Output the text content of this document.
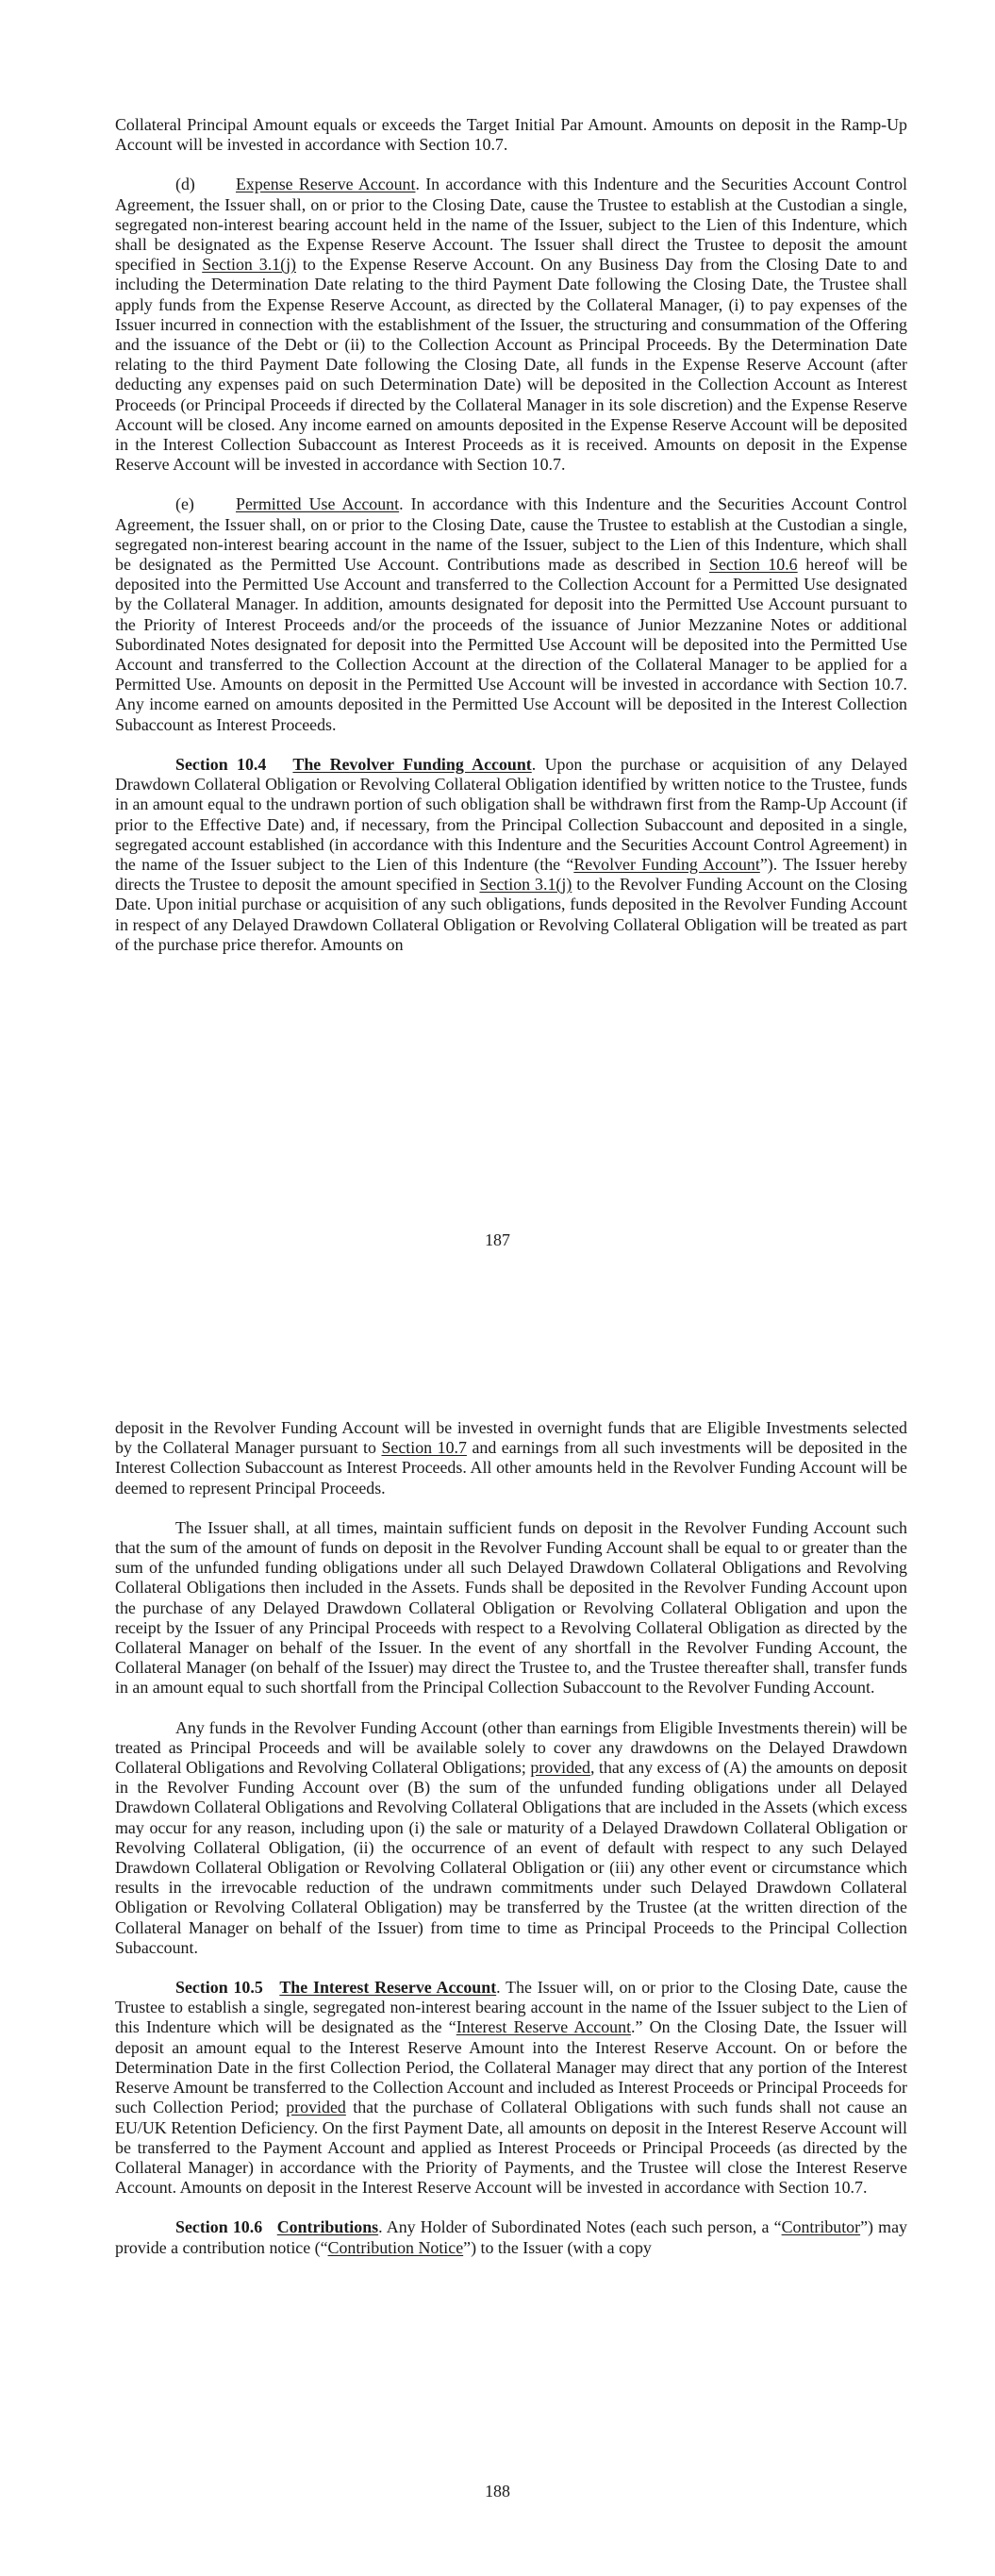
Collateral Principal Amount equals or exceeds the Target Initial Par Amount. Amounts on deposit in the Ramp-Up Account will be invested in accordance with Section 10.7.

(d) Expense Reserve Account. In accordance with this Indenture and the Securities Account Control Agreement, the Issuer shall, on or prior to the Closing Date, cause the Trustee to establish at the Custodian a single, segregated non-interest bearing account held in the name of the Issuer, subject to the Lien of this Indenture, which shall be designated as the Expense Reserve Account. The Issuer shall direct the Trustee to deposit the amount specified in Section 3.1(j) to the Expense Reserve Account. On any Business Day from the Closing Date to and including the Determination Date relating to the third Payment Date following the Closing Date, the Trustee shall apply funds from the Expense Reserve Account, as directed by the Collateral Manager, (i) to pay expenses of the Issuer incurred in connection with the establishment of the Issuer, the structuring and consummation of the Offering and the issuance of the Debt or (ii) to the Collection Account as Principal Proceeds. By the Determination Date relating to the third Payment Date following the Closing Date, all funds in the Expense Reserve Account (after deducting any expenses paid on such Determination Date) will be deposited in the Collection Account as Interest Proceeds (or Principal Proceeds if directed by the Collateral Manager in its sole discretion) and the Expense Reserve Account will be closed. Any income earned on amounts deposited in the Expense Reserve Account will be deposited in the Interest Collection Subaccount as Interest Proceeds as it is received. Amounts on deposit in the Expense Reserve Account will be invested in accordance with Section 10.7.

(e) Permitted Use Account. In accordance with this Indenture and the Securities Account Control Agreement, the Issuer shall, on or prior to the Closing Date, cause the Trustee to establish at the Custodian a single, segregated non-interest bearing account in the name of the Issuer, subject to the Lien of this Indenture, which shall be designated as the Permitted Use Account. Contributions made as described in Section 10.6 hereof will be deposited into the Permitted Use Account and transferred to the Collection Account for a Permitted Use designated by the Collateral Manager. In addition, amounts designated for deposit into the Permitted Use Account pursuant to the Priority of Interest Proceeds and/or the proceeds of the issuance of Junior Mezzanine Notes or additional Subordinated Notes designated for deposit into the Permitted Use Account will be deposited into the Permitted Use Account and transferred to the Collection Account at the direction of the Collateral Manager to be applied for a Permitted Use. Amounts on deposit in the Permitted Use Account will be invested in accordance with Section 10.7. Any income earned on amounts deposited in the Permitted Use Account will be deposited in the Interest Collection Subaccount as Interest Proceeds.

Section 10.4 The Revolver Funding Account. Upon the purchase or acquisition of any Delayed Drawdown Collateral Obligation or Revolving Collateral Obligation identified by written notice to the Trustee, funds in an amount equal to the undrawn portion of such obligation shall be withdrawn first from the Ramp-Up Account (if prior to the Effective Date) and, if necessary, from the Principal Collection Subaccount and deposited in a single, segregated account established (in accordance with this Indenture and the Securities Account Control Agreement) in the name of the Issuer subject to the Lien of this Indenture (the “Revolver Funding Account”). The Issuer hereby directs the Trustee to deposit the amount specified in Section 3.1(j) to the Revolver Funding Account on the Closing Date. Upon initial purchase or acquisition of any such obligations, funds deposited in the Revolver Funding Account in respect of any Delayed Drawdown Collateral Obligation or Revolving Collateral Obligation will be treated as part of the purchase price therefor. Amounts on

187

deposit in the Revolver Funding Account will be invested in overnight funds that are Eligible Investments selected by the Collateral Manager pursuant to Section 10.7 and earnings from all such investments will be deposited in the Interest Collection Subaccount as Interest Proceeds. All other amounts held in the Revolver Funding Account will be deemed to represent Principal Proceeds.

The Issuer shall, at all times, maintain sufficient funds on deposit in the Revolver Funding Account such that the sum of the amount of funds on deposit in the Revolver Funding Account shall be equal to or greater than the sum of the unfunded funding obligations under all such Delayed Drawdown Collateral Obligations and Revolving Collateral Obligations then included in the Assets. Funds shall be deposited in the Revolver Funding Account upon the purchase of any Delayed Drawdown Collateral Obligation or Revolving Collateral Obligation and upon the receipt by the Issuer of any Principal Proceeds with respect to a Revolving Collateral Obligation as directed by the Collateral Manager on behalf of the Issuer. In the event of any shortfall in the Revolver Funding Account, the Collateral Manager (on behalf of the Issuer) may direct the Trustee to, and the Trustee thereafter shall, transfer funds in an amount equal to such shortfall from the Principal Collection Subaccount to the Revolver Funding Account.

Any funds in the Revolver Funding Account (other than earnings from Eligible Investments therein) will be treated as Principal Proceeds and will be available solely to cover any drawdowns on the Delayed Drawdown Collateral Obligations and Revolving Collateral Obligations; provided, that any excess of (A) the amounts on deposit in the Revolver Funding Account over (B) the sum of the unfunded funding obligations under all Delayed Drawdown Collateral Obligations and Revolving Collateral Obligations that are included in the Assets (which excess may occur for any reason, including upon (i) the sale or maturity of a Delayed Drawdown Collateral Obligation or Revolving Collateral Obligation, (ii) the occurrence of an event of default with respect to any such Delayed Drawdown Collateral Obligation or Revolving Collateral Obligation or (iii) any other event or circumstance which results in the irrevocable reduction of the undrawn commitments under such Delayed Drawdown Collateral Obligation or Revolving Collateral Obligation) may be transferred by the Trustee (at the written direction of the Collateral Manager on behalf of the Issuer) from time to time as Principal Proceeds to the Principal Collection Subaccount.

Section 10.5 The Interest Reserve Account. The Issuer will, on or prior to the Closing Date, cause the Trustee to establish a single, segregated non-interest bearing account in the name of the Issuer subject to the Lien of this Indenture which will be designated as the “Interest Reserve Account.” On the Closing Date, the Issuer will deposit an amount equal to the Interest Reserve Amount into the Interest Reserve Account. On or before the Determination Date in the first Collection Period, the Collateral Manager may direct that any portion of the Interest Reserve Amount be transferred to the Collection Account and included as Interest Proceeds or Principal Proceeds for such Collection Period; provided that the purchase of Collateral Obligations with such funds shall not cause an EU/UK Retention Deficiency. On the first Payment Date, all amounts on deposit in the Interest Reserve Account will be transferred to the Payment Account and applied as Interest Proceeds or Principal Proceeds (as directed by the Collateral Manager) in accordance with the Priority of Payments, and the Trustee will close the Interest Reserve Account. Amounts on deposit in the Interest Reserve Account will be invested in accordance with Section 10.7.

Section 10.6 Contributions. Any Holder of Subordinated Notes (each such person, a “Contributor”) may provide a contribution notice (“Contribution Notice”) to the Issuer (with a copy

188
